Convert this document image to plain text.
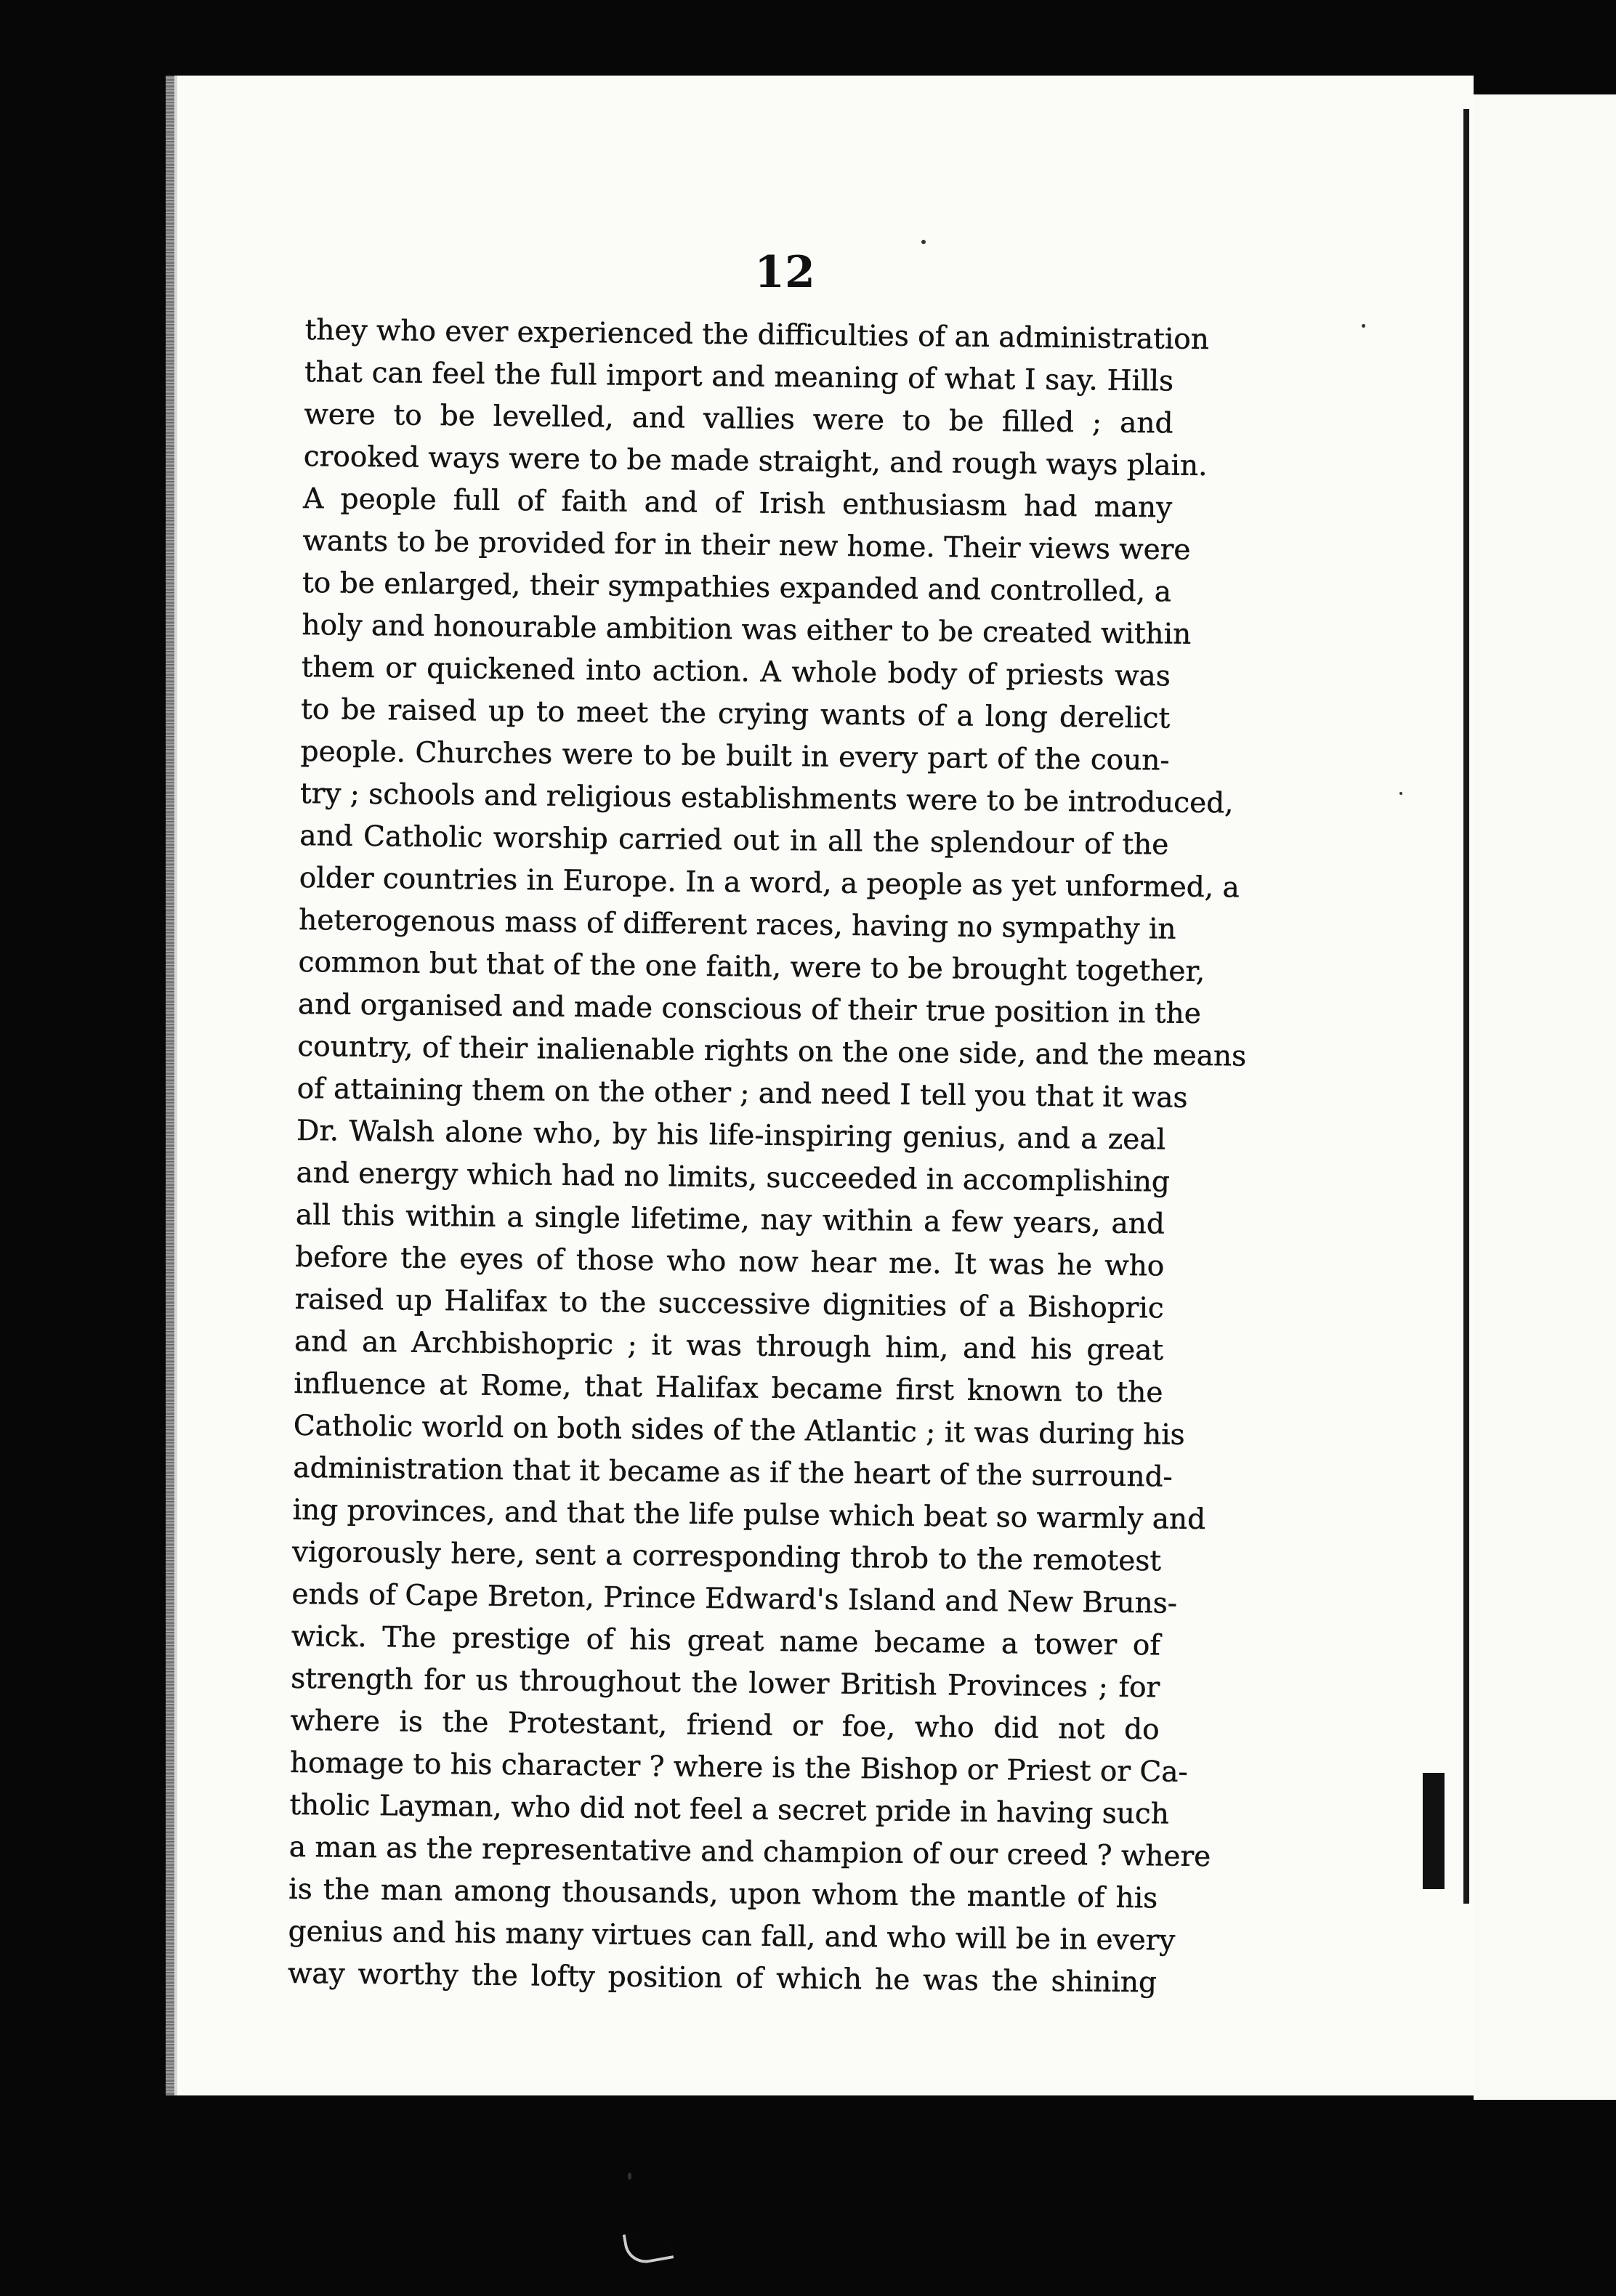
12
they who ever experienced the difficulties of an administration
that can feel the full import and meaning of what I say. Hills
were to be levelled, and vallies were to be filled ; and
crooked ways were to be made straight, and rough ways plain.
A people full of faith and of Irish enthusiasm had many
wants to be provided for in their new home. Their views were
to be enlarged, their sympathies expanded and controlled, a
holy and honourable ambition was either to be created within
them or quickened into action. A whole body of priests was
to be raised up to meet the crying wants of a long derelict
people. Churches were to be built in every part of the coun-
try ; schools and religious establishments were to be introduced,
and Catholic worship carried out in all the splendour of the
older countries in Europe. In a word, a people as yet unformed, a
heterogenous mass of different races, having no sympathy in
common but that of the one faith, were to be brought together,
and organised and made conscious of their true position in the
country, of their inalienable rights on the one side, and the means
of attaining them on the other ; and need I tell you that it was
Dr. Walsh alone who, by his life-inspiring genius, and a zeal
and energy which had no limits, succeeded in accomplishing
all this within a single lifetime, nay within a few years, and
before the eyes of those who now hear me. It was he who
raised up Halifax to the successive dignities of a Bishopric
and an Archbishopric ; it was through him, and his great
influence at Rome, that Halifax became first known to the
Catholic world on both sides of the Atlantic ; it was during his
administration that it became as if the heart of the surround-
ing provinces, and that the life pulse which beat so warmly and
vigorously here, sent a corresponding throb to the remotest
ends of Cape Breton, Prince Edward's Island and New Bruns-
wick. The prestige of his great name became a tower of
strength for us throughout the lower British Provinces ; for
where is the Protestant, friend or foe, who did not do
homage to his character ? where is the Bishop or Priest or Ca-
tholic Layman, who did not feel a secret pride in having such
a man as the representative and champion of our creed ? where
is the man among thousands, upon whom the mantle of his
genius and his many virtues can fall, and who will be in every
way worthy the lofty position of which he was the shining
